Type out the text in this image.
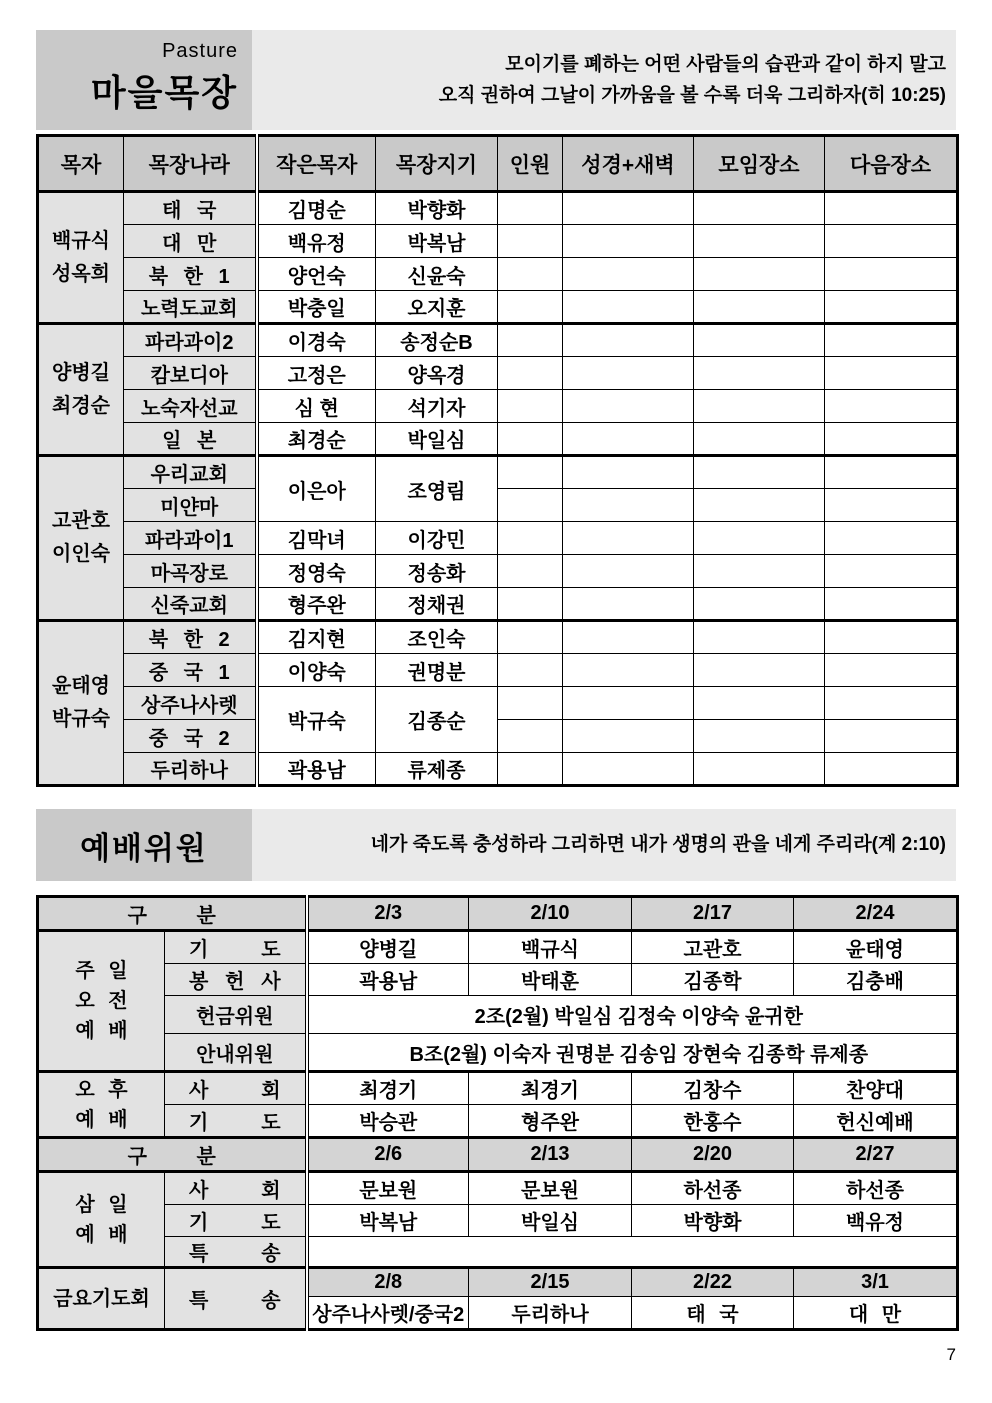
Pasture
마을목장
모이기를 폐하는 어떤 사람들의 습관과 같이 하지 말고
오직 권하여 그날이 가까움을 볼 수록 더욱 그리하자(히 10:25)
목자	목장나라	작은목자	목장지기	인원	성경+새벽	모임장소	다음장소

백규식
성옥희	태 국	김명순	박향화				
	대 만	백유정	박복남				
	북 한 1	양언숙	신윤숙				
	노력도교회	박충일	오지훈				

양병길
최경순	파라과이2	이경숙	송정순B				
	캄보디아	고정은	양옥경				
	노숙자선교	심 현	석기자				
	일 본	최경순	박일심				

고관호
이인숙	우리교회	이은아	조영림				
	미얀마						
	파라과이1	김막녀	이강민				
	마곡장로	정영숙	정송화				
	신죽교회	형주완	정채권				

윤태영
박규숙	북 한 2	김지현	조인숙				
	중 국 1	이양숙	권명분				
	상주나사렛	박규숙	김종순				
	중 국 2						
	두리하나	곽용남	류제종				
예배위원	네가 죽도록 충성하라 그리하면 내가 생명의 관을 네게 주리라(계 2:10)
구 분		2/3	2/10	2/17	2/24

주 일
오 전
예 배	기 도	양병길	백규식	고관호	윤태영
	봉 헌 사	곽용남	박태훈	김종학	김충배
	헌금위원	2조(2월) 박일심 김정숙 이양숙 윤귀한			
	안내위원	B조(2월) 이숙자 권명분 김송임 장현숙 김종학 류제종			

오 후
예 배	사 회	최경기	최경기	김창수	찬양대
	기 도	박승관	형주완	한홍수	헌신예배
구 분		2/6	2/13	2/20	2/27

삼 일
예 배	사 회	문보원	문보원	하선종	하선종
	기 도	박복남	박일심	박향화	백유정
	특 송				

금요기도회	특 송	2/8	2/15	2/22	3/1
		상주나사렛/중국2	두리하나	태 국	대 만
7
